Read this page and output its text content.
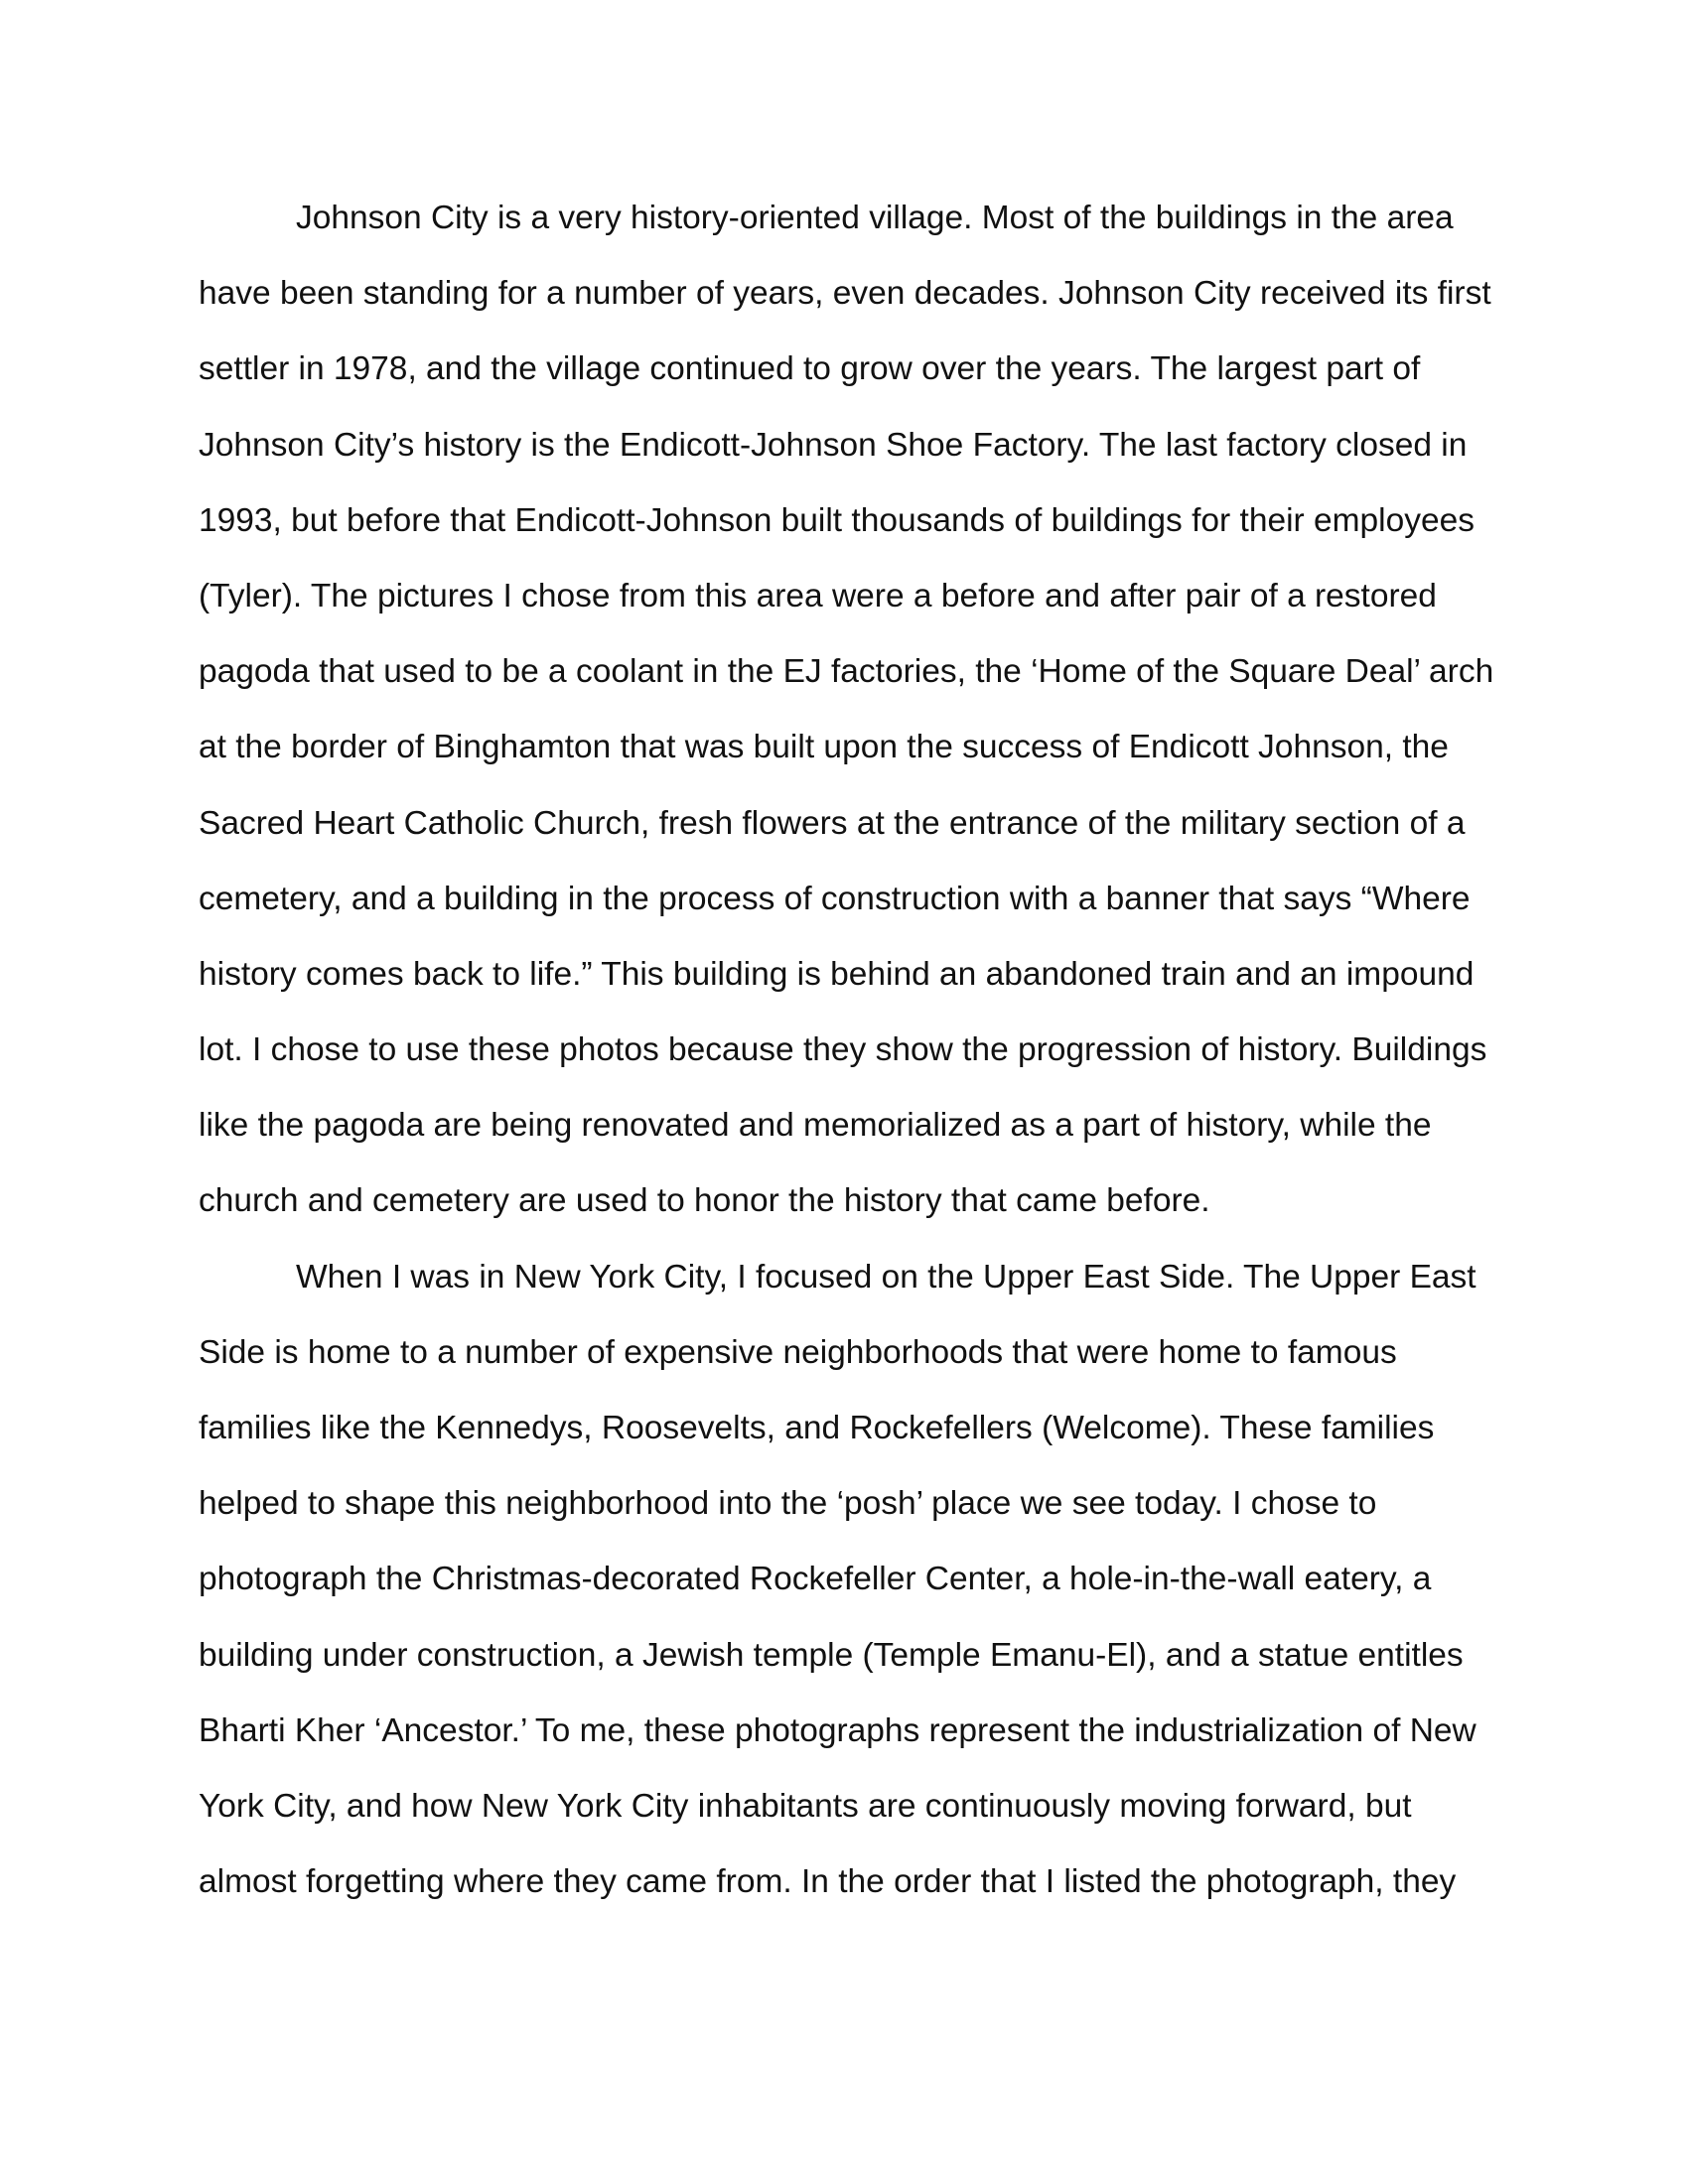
Johnson City is a very history-oriented village. Most of the buildings in the area
have been standing for a number of years, even decades. Johnson City received its first
settler in 1978, and the village continued to grow over the years. The largest part of
Johnson City’s history is the Endicott-Johnson Shoe Factory. The last factory closed in
1993, but before that Endicott-Johnson built thousands of buildings for their employees
(Tyler). The pictures I chose from this area were a before and after pair of a restored
pagoda that used to be a coolant in the EJ factories, the ‘Home of the Square Deal’ arch
at the border of Binghamton that was built upon the success of Endicott Johnson, the
Sacred Heart Catholic Church, fresh flowers at the entrance of the military section of a
cemetery, and a building in the process of construction with a banner that says “Where
history comes back to life.” This building is behind an abandoned train and an impound
lot. I chose to use these photos because they show the progression of history. Buildings
like the pagoda are being renovated and memorialized as a part of history, while the
church and cemetery are used to honor the history that came before.
When I was in New York City, I focused on the Upper East Side. The Upper East
Side is home to a number of expensive neighborhoods that were home to famous
families like the Kennedys, Roosevelts, and Rockefellers (Welcome). These families
helped to shape this neighborhood into the ‘posh’ place we see today. I chose to
photograph the Christmas-decorated Rockefeller Center, a hole-in-the-wall eatery, a
building under construction, a Jewish temple (Temple Emanu-El), and a statue entitles
Bharti Kher ‘Ancestor.’ To me, these photographs represent the industrialization of New
York City, and how New York City inhabitants are continuously moving forward, but
almost forgetting where they came from. In the order that I listed the photograph, they
